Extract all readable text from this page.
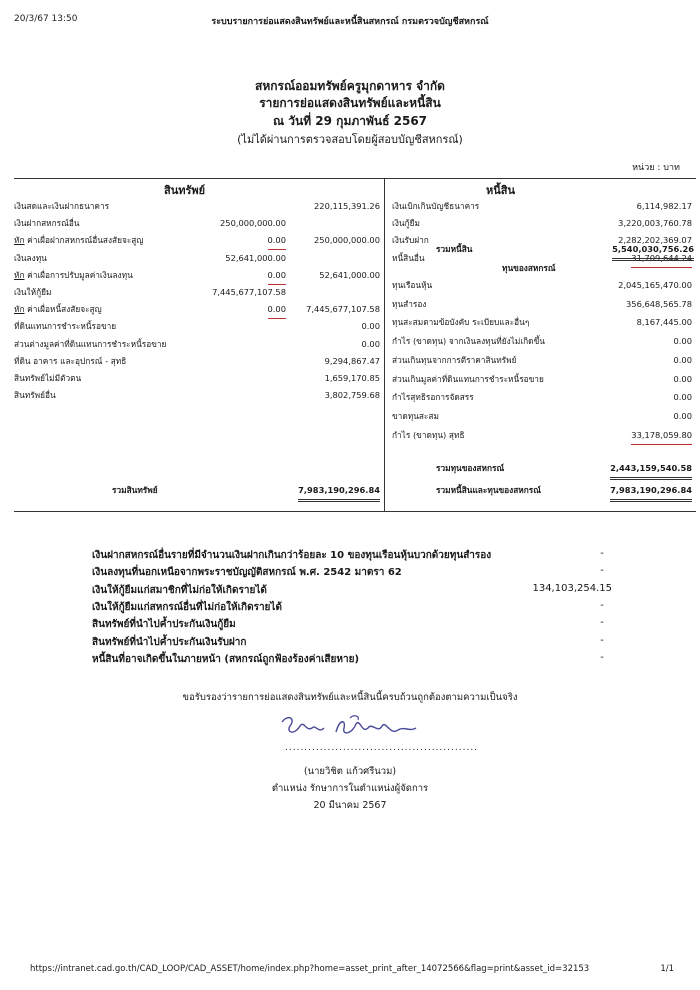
20/3/67 13:50	ระบบรายการย่อแสดงสินทรัพย์และหนี้สินสหกรณ์ กรมตรวจบัญชีสหกรณ์
สหกรณ์ออมทรัพย์ครูมุกดาหาร จำกัด
รายการย่อแสดงสินทรัพย์และหนี้สิน
ณ วันที่ 29 กุมภาพันธ์ 2567
(ไม่ได้ผ่านการตรวจสอบโดยผู้สอบบัญชีสหกรณ์)
หน่วย : บาท
สินทรัพย์	หนี้สิน
เงินสดและเงินฝากธนาคาร	220,115,391.26
เงินฝากสหกรณ์อื่น	250,000,000.00
หัก ค่าเผื่อฝากสหกรณ์อื่นสงสัยจะสูญ	0.00	250,000,000.00
เงินลงทุน	52,641,000.00
หัก ค่าเผื่อการปรับมูลค่าเงินลงทุน	0.00	52,641,000.00
เงินให้กู้ยืม	7,445,677,107.58
หัก ค่าเผื่อหนี้สงสัยจะสูญ	0.00 7,445,677,107.58
ที่ดินแทนการชำระหนี้รอขาย	0.00
ส่วนต่างมูลค่าที่ดินแทนการชำระหนี้รอขาย	0.00
ที่ดิน อาคาร และอุปกรณ์ - สุทธิ	9,294,867.47
สินทรัพย์ไม่มีตัวตน	1,659,170.85
สินทรัพย์อื่น	3,802,759.68
เงินเบิกเกินบัญชีธนาคาร	6,114,982.17
เงินกู้ยืม	3,220,003,760.78
เงินรับฝาก	2,282,202,369.07
หนี้สินอื่น	31,709,644.24
รวมหนี้สิน	5,540,030,756.26
ทุนของสหกรณ์
ทุนเรือนหุ้น	2,045,165,470.00
ทุนสำรอง	356,648,565.78
ทุนสะสมตามข้อบังคับ ระเบียบและอื่นๆ	8,167,445.00
กำไร (ขาดทุน) จากเงินลงทุนที่ยังไม่เกิดขึ้น	0.00
ส่วนเกินทุนจากการตีราคาสินทรัพย์	0.00
ส่วนเกินมูลค่าที่ดินแทนการชำระหนี้รอขาย	0.00
กำไรสุทธิรอการจัดสรร	0.00
ขาดทุนสะสม	0.00
กำไร (ขาดทุน) สุทธิ	33,178,059.80
รวมทุนของสหกรณ์	2,443,159,540.58
รวมสินทรัพย์	7,983,190,296.84	รวมหนี้สินและทุนของสหกรณ์	7,983,190,296.84
เงินฝากสหกรณ์อื่นรายที่มีจำนวนเงินฝากเกินกว่าร้อยละ 10 ของทุนเรือนหุ้นบวกด้วยทุนสำรอง	-
เงินลงทุนที่นอกเหนือจากพระราชบัญญัติสหกรณ์ พ.ศ. 2542 มาตรา 62	-
เงินให้กู้ยืมแก่สมาชิกที่ไม่ก่อให้เกิดรายได้	134,103,254.15
เงินให้กู้ยืมแก่สหกรณ์อื่นที่ไม่ก่อให้เกิดรายได้	-
สินทรัพย์ที่นำไปค้ำประกันเงินกู้ยืม	-
สินทรัพย์ที่นำไปค้ำประกันเงินรับฝาก	-
หนี้สินที่อาจเกิดขึ้นในภายหน้า (สหกรณ์ถูกฟ้องร้องค่าเสียหาย)	-
ขอรับรองว่ารายการย่อแสดงสินทรัพย์และหนี้สินนี้ครบถ้วนถูกต้องตามความเป็นจริง
..................................................
(นายวิชิต แก้วศรีนวม)
ตำแหน่ง รักษาการในตำแหน่งผู้จัดการ
20 มีนาคม 2567
https://intranet.cad.go.th/CAD_LOOP/CAD_ASSET/home/index.php?home=asset_print_after_14072566&flag=print&asset_id=32153	1/1
